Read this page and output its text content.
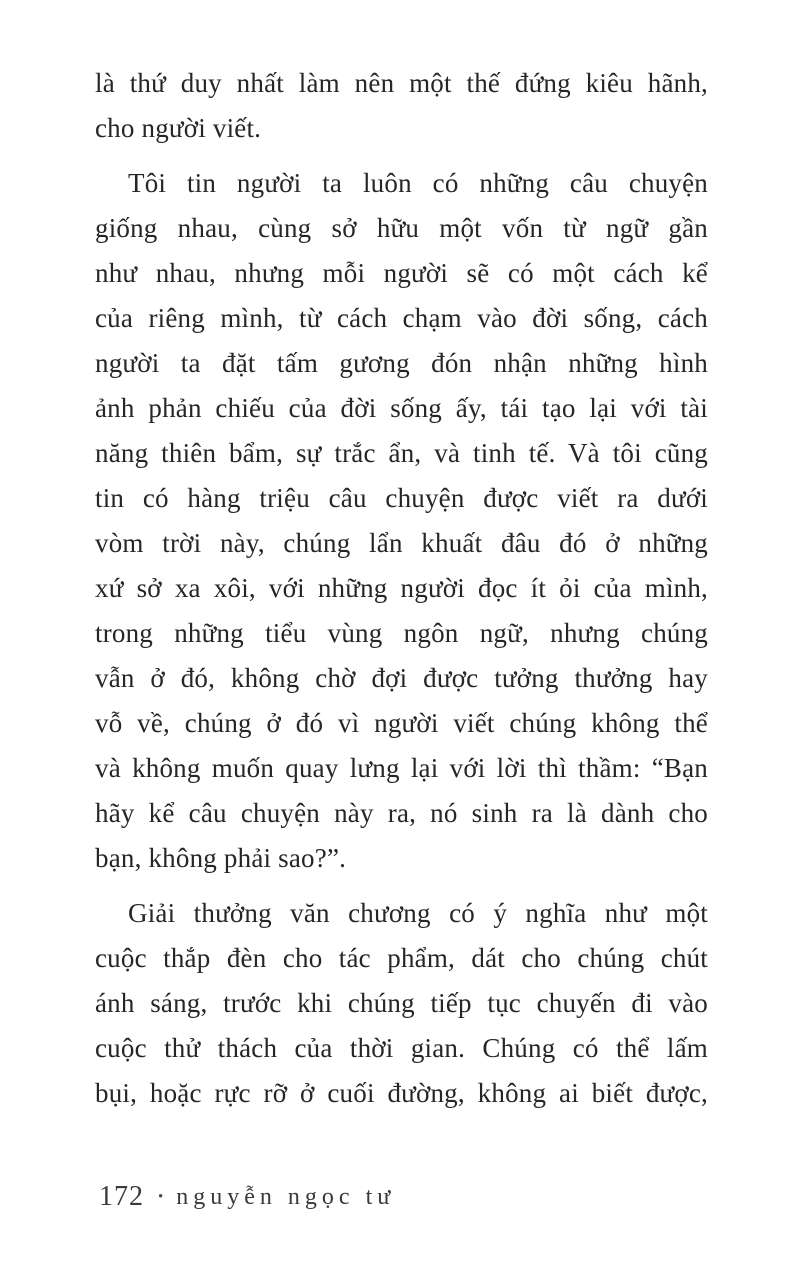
là thứ duy nhất làm nên một thế đứng kiêu hãnh,
cho người viết.
Tôi tin người ta luôn có những câu chuyện
giống nhau, cùng sở hữu một vốn từ ngữ gần
như nhau, nhưng mỗi người sẽ có một cách kể
của riêng mình, từ cách chạm vào đời sống, cách
người ta đặt tấm gương đón nhận những hình
ảnh phản chiếu của đời sống ấy, tái tạo lại với tài
năng thiên bẩm, sự trắc ẩn, và tinh tế. Và tôi cũng
tin có hàng triệu câu chuyện được viết ra dưới
vòm trời này, chúng lẩn khuất đâu đó ở những
xứ sở xa xôi, với những người đọc ít ỏi của mình,
trong những tiểu vùng ngôn ngữ, nhưng chúng
vẫn ở đó, không chờ đợi được tưởng thưởng hay
vỗ về, chúng ở đó vì người viết chúng không thể
và không muốn quay lưng lại với lời thì thầm: “Bạn
hãy kể câu chuyện này ra, nó sinh ra là dành cho
bạn, không phải sao?”.
Giải thưởng văn chương có ý nghĩa như một
cuộc thắp đèn cho tác phẩm, dát cho chúng chút
ánh sáng, trước khi chúng tiếp tục chuyến đi vào
cuộc thử thách của thời gian. Chúng có thể lấm
bụi, hoặc rực rỡ ở cuối đường, không ai biết được,
172 • nguyễn ngọc tư
